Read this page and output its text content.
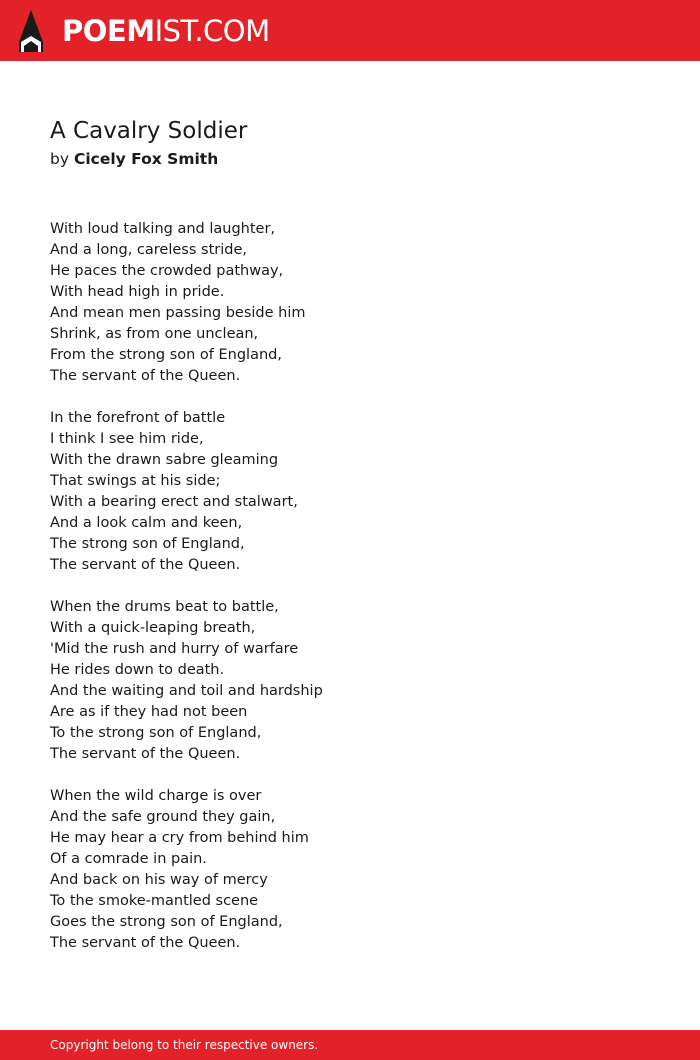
POEMIST.COM
A Cavalry Soldier
by Cicely Fox Smith
With loud talking and laughter,
And a long, careless stride,
He paces the crowded pathway,
With head high in pride.
And mean men passing beside him
Shrink, as from one unclean,
From the strong son of England,
The servant of the Queen.
In the forefront of battle
I think I see him ride,
With the drawn sabre gleaming
That swings at his side;
With a bearing erect and stalwart,
And a look calm and keen,
The strong son of England,
The servant of the Queen.
When the drums beat to battle,
With a quick-leaping breath,
'Mid the rush and hurry of warfare
He rides down to death.
And the waiting and toil and hardship
Are as if they had not been
To the strong son of England,
The servant of the Queen.
When the wild charge is over
And the safe ground they gain,
He may hear a cry from behind him
Of a comrade in pain.
And back on his way of mercy
To the smoke-mantled scene
Goes the strong son of England,
The servant of the Queen.
Copyright belong to their respective owners.
